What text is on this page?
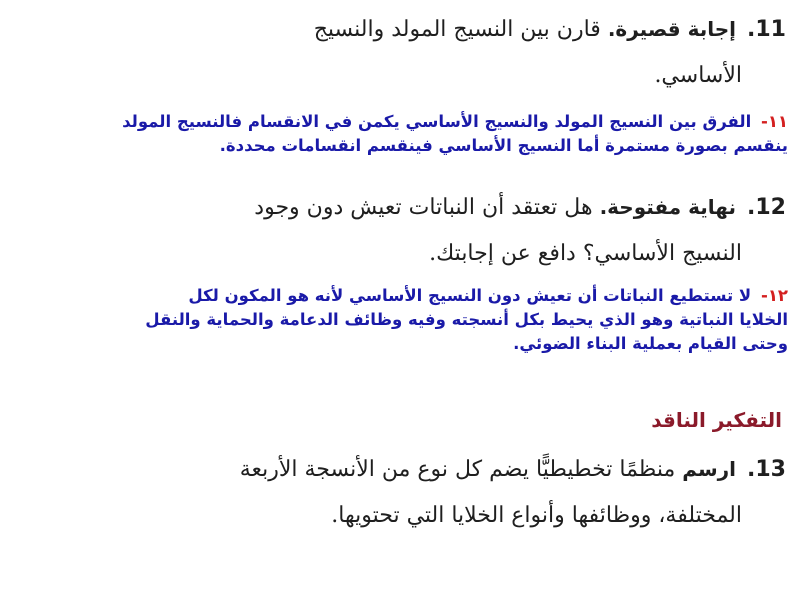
11. إجابة قصيرة. قارن بين النسيج المولد والنسيج
الأساسي.
١١- الفرق بين النسيج المولد والنسيج الأساسي يكمن في الانقسام فالنسيج المولد
ينقسم بصورة مستمرة أما النسيج الأساسي فينقسم انقسامات محددة.
12. نهاية مفتوحة. هل تعتقد أن النباتات تعيش دون وجود
النسيج الأساسي؟ دافع عن إجابتك.
١٢- لا تستطيع النباتات أن تعيش دون النسيج الأساسي لأنه هو المكون لكل
الخلايا النباتية وهو الذي يحيط بكل أنسجته وفيه وظائف الدعامة والحماية والنقل
وحتى القيام بعملية البناء الضوئي.
التفكير الناقد
13. ارسم منظمًا تخطيطيًّا يضم كل نوع من الأنسجة الأربعة
المختلفة، ووظائفها وأنواع الخلايا التي تحتويها.
